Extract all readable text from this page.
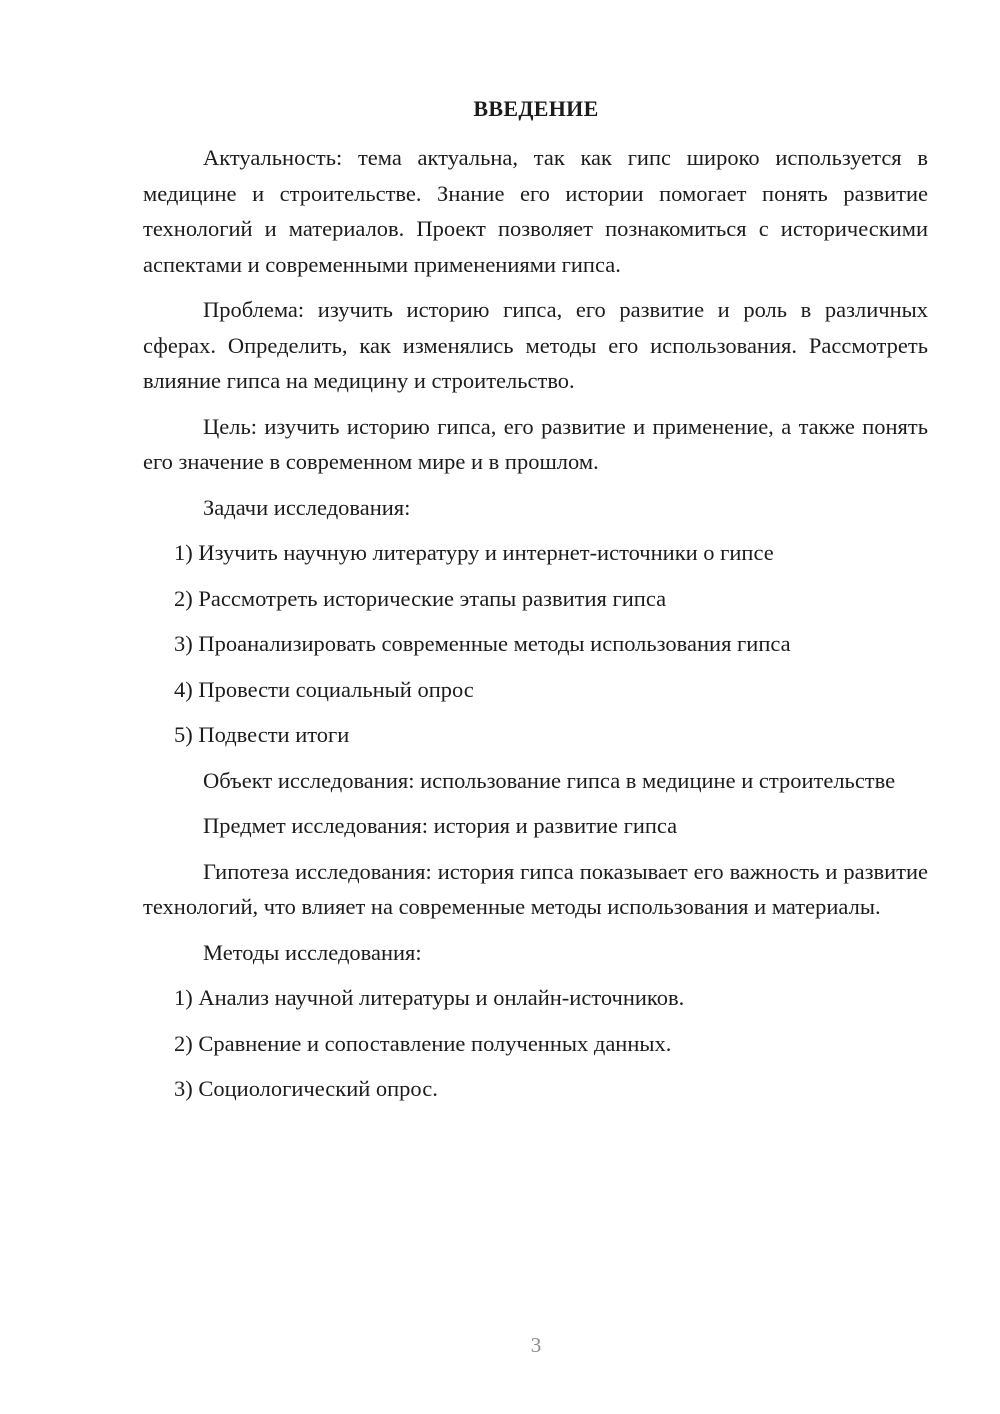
ВВЕДЕНИЕ

Актуальность: тема актуальна, так как гипс широко используется в медицине и строительстве. Знание его истории помогает понять развитие технологий и материалов. Проект позволяет познакомиться с историческими аспектами и современными применениями гипса.

Проблема: изучить историю гипса, его развитие и роль в различных сферах. Определить, как изменялись методы его использования. Рассмотреть влияние гипса на медицину и строительство.

Цель: изучить историю гипса, его развитие и применение, а также понять его значение в современном мире и в прошлом.

Задачи исследования:

1) Изучить научную литературу и интернет-источники о гипсе
2) Рассмотреть исторические этапы развития гипса
3) Проанализировать современные методы использования гипса
4) Провести социальный опрос
5) Подвести итоги

Объект исследования: использование гипса в медицине и строительстве

Предмет исследования: история и развитие гипса

Гипотеза исследования: история гипса показывает его важность и развитие технологий, что влияет на современные методы использования и материалы.

Методы исследования:

1) Анализ научной литературы и онлайн-источников.
2) Сравнение и сопоставление полученных данных.
3) Социологический опрос.
3
